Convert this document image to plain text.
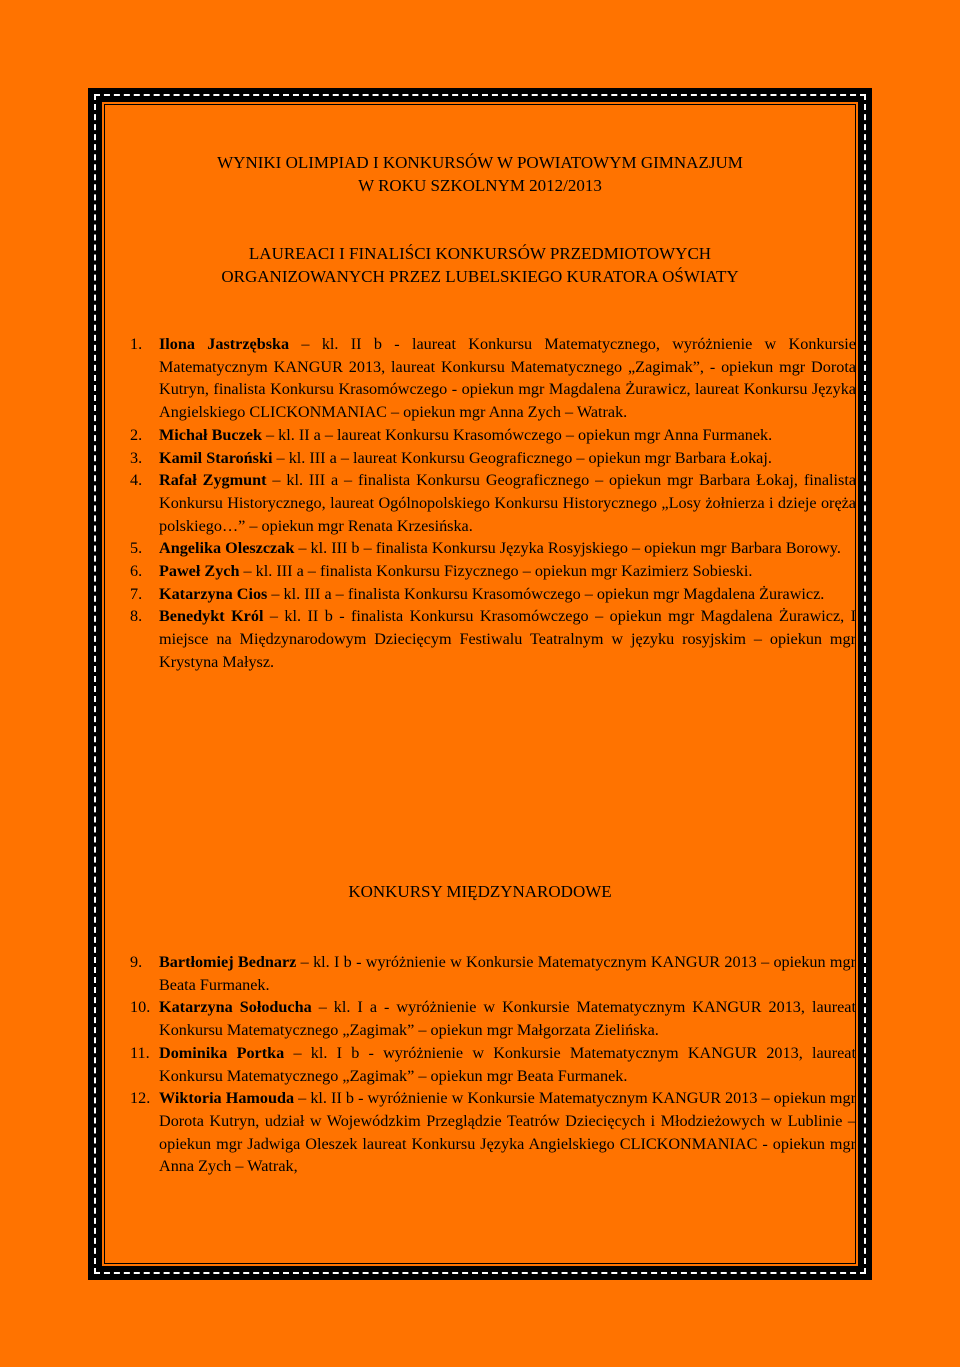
WYNIKI OLIMPIAD I KONKURSÓW W POWIATOWYM GIMNAZJUM
W ROKU SZKOLNYM 2012/2013
LAUREACI I FINALIŚCI KONKURSÓW PRZEDMIOTOWYCH
ORGANIZOWANYCH PRZEZ LUBELSKIEGO KURATORA OŚWIATY
1.	Ilona Jastrzębska – kl. II b - laureat Konkursu Matematycznego, wyróżnienie w Konkursie Matematycznym KANGUR 2013, laureat Konkursu Matematycznego „Zagimak”, - opiekun mgr Dorota Kutryn, finalista Konkursu Krasomówczego - opiekun mgr Magdalena Żurawicz, laureat Konkursu Języka Angielskiego CLICKONMANIAC – opiekun mgr Anna Zych – Watrak.
2.	Michał Buczek – kl. II a – laureat Konkursu Krasomówczego – opiekun mgr Anna Furmanek.
3.	Kamil Staroński – kl. III a – laureat Konkursu Geograficznego – opiekun mgr Barbara Łokaj.
4.	Rafał Zygmunt – kl. III a – finalista Konkursu Geograficznego – opiekun mgr Barbara Łokaj, finalista Konkursu Historycznego, laureat Ogólnopolskiego Konkursu Historycznego „Losy żołnierza i dzieje oręża polskiego…” – opiekun mgr Renata Krzesińska.
5.	Angelika Oleszczak – kl. III b – finalista Konkursu Języka Rosyjskiego – opiekun mgr Barbara Borowy.
6.	Paweł Zych – kl. III a – finalista Konkursu Fizycznego – opiekun mgr Kazimierz Sobieski.
7.	Katarzyna Cios – kl. III a – finalista Konkursu Krasomówczego – opiekun mgr Magdalena Żurawicz.
8.	Benedykt Król – kl. II b - finalista Konkursu Krasomówczego – opiekun mgr Magdalena Żurawicz, I miejsce na Międzynarodowym Dziecięcym Festiwalu Teatralnym w języku rosyjskim – opiekun mgr Krystyna Małysz.
KONKURSY MIĘDZYNARODOWE
9.	Bartłomiej Bednarz – kl. I b - wyróżnienie w Konkursie Matematycznym KANGUR 2013 – opiekun mgr Beata Furmanek.
10. Katarzyna Sołoducha – kl. I a - wyróżnienie w Konkursie Matematycznym KANGUR 2013, laureat Konkursu Matematycznego „Zagimak” – opiekun mgr Małgorzata Zielińska.
11. Dominika Portka – kl. I b - wyróżnienie w Konkursie Matematycznym KANGUR 2013, laureat Konkursu Matematycznego „Zagimak” – opiekun mgr Beata Furmanek.
12. Wiktoria Hamouda – kl. II b - wyróżnienie w Konkursie Matematycznym KANGUR 2013 – opiekun mgr Dorota Kutryn, udział w Wojewódzkim Przeglądzie Teatrów Dziecięcych i Młodzieżowych w Lublinie – opiekun mgr Jadwiga Oleszek laureat Konkursu Języka Angielskiego CLICKONMANIAC - opiekun mgr Anna Zych – Watrak,
